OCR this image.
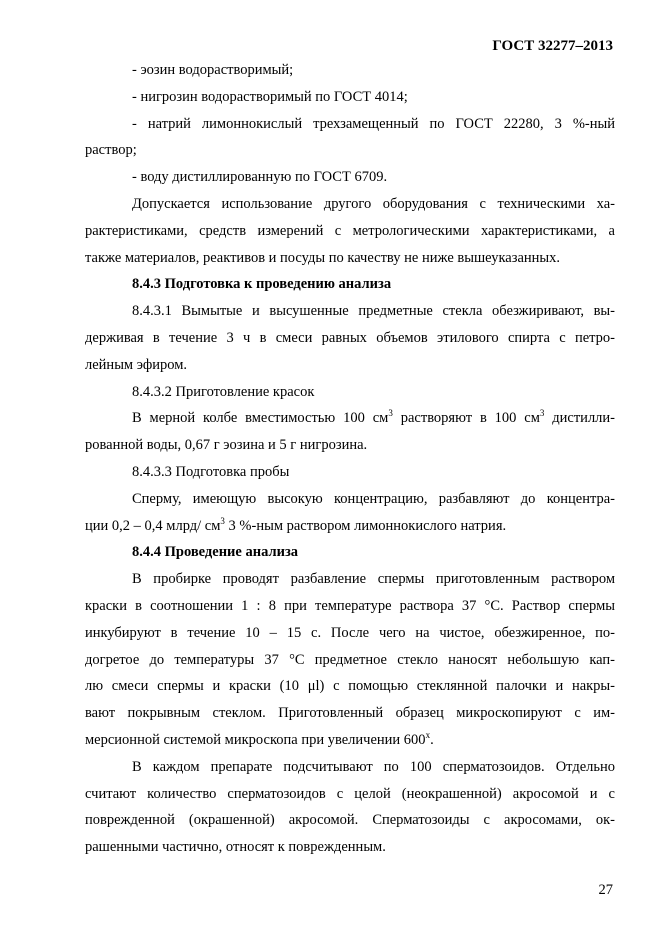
ГОСТ 32277–2013
- эозин водорастворимый;
- нигрозин водорастворимый по ГОСТ 4014;
- натрий лимоннокислый трехзамещенный по ГОСТ 22280, 3 %-ный
раствор;
- воду дистиллированную по ГОСТ 6709.
Допускается использование другого оборудования с техническими ха-
рактеристиками, средств измерений с метрологическими характеристиками, а
также материалов, реактивов и посуды по качеству не ниже вышеуказанных.
8.4.3 Подготовка к проведению анализа
8.4.3.1 Вымытые и высушенные предметные стекла обезжиривают, вы-
держивая в течение 3 ч в смеси равных объемов этилового спирта с петро-
лейным эфиром.
8.4.3.2 Приготовление красок
В мерной колбе вместимостью 100 $см^3$ растворяют в 100 $см^3$ дистилли-
рованной воды, 0,67 г эозина и 5 г нигрозина.
8.4.3.3 Подготовка пробы
Сперму, имеющую высокую концентрацию, разбавляют до концентра-
ции 0,2 – 0,4 млрд/ $см^3$ 3 %-ным раствором лимоннокислого натрия.
8.4.4 Проведение анализа
В пробирке проводят разбавление спермы приготовленным раствором
краски в соотношении 1 : 8 при температуре раствора 37 °С. Раствор спермы
инкубируют в течение 10 – 15 с. После чего на чистое, обезжиренное, по-
догретое до температуры 37 °С предметное стекло наносят небольшую кап-
лю смеси спермы и краски (10 μl) с помощью стеклянной палочки и накры-
вают покрывным стеклом. Приготовленный образец микроскопируют с им-
мерсионной системой микроскопа при увеличении $600^х$.
В каждом препарате подсчитывают по 100 сперматозоидов. Отдельно
считают количество сперматозоидов с целой (неокрашенной) акросомой и с
поврежденной (окрашенной) акросомой. Сперматозоиды с акросомами, ок-
рашенными частично, относят к поврежденным.
27
